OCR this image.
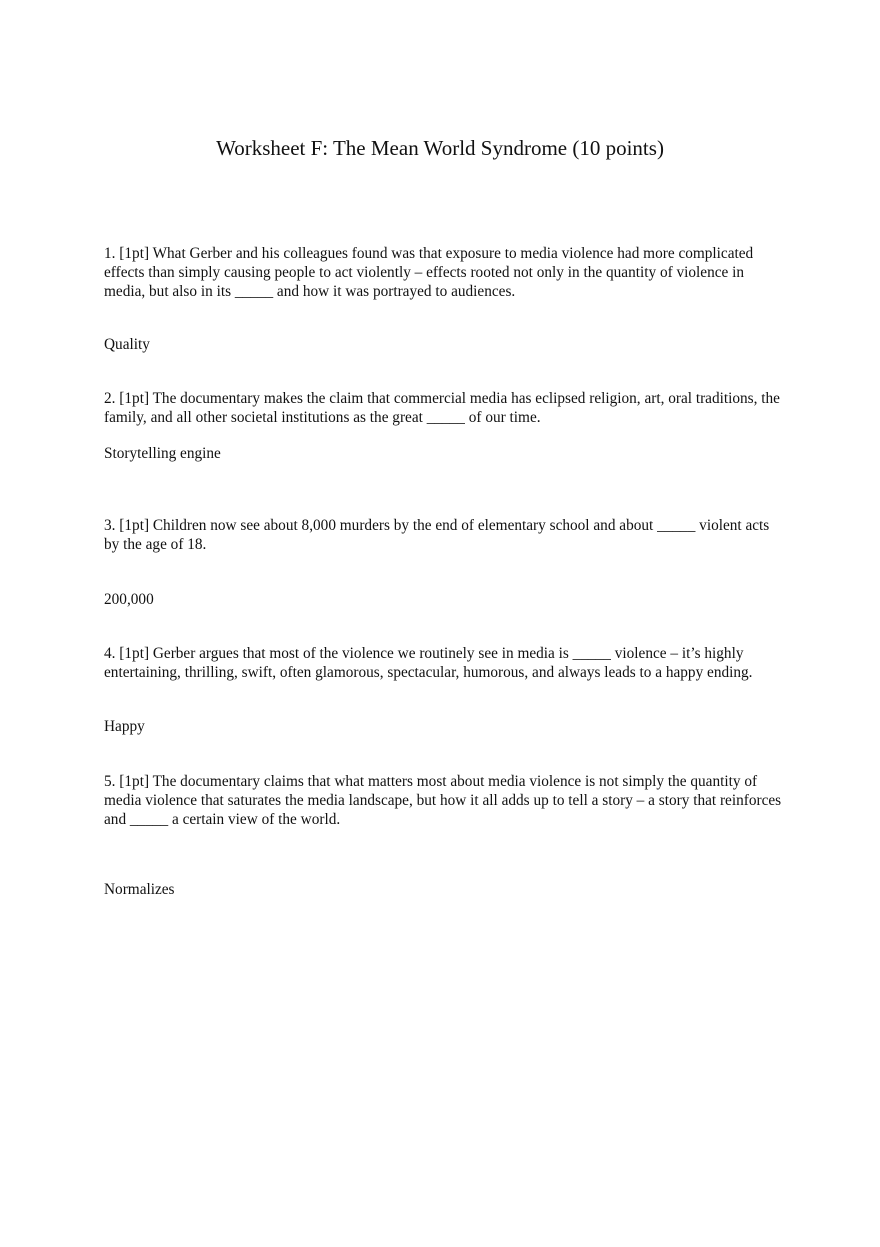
Worksheet F: The Mean World Syndrome (10 points)

1. [1pt] What Gerber and his colleagues found was that exposure to media violence had more complicated effects than simply causing people to act violently – effects rooted not only in the quantity of violence in media, but also in its _____ and how it was portrayed to audiences.

Quality

2. [1pt] The documentary makes the claim that commercial media has eclipsed religion, art, oral traditions, the family, and all other societal institutions as the great _____ of our time.

Storytelling engine

3. [1pt] Children now see about 8,000 murders by the end of elementary school and about _____ violent acts by the age of 18.

200,000

4. [1pt] Gerber argues that most of the violence we routinely see in media is _____ violence – it’s highly entertaining, thrilling, swift, often glamorous, spectacular, humorous, and always leads to a happy ending.

Happy

5. [1pt] The documentary claims that what matters most about media violence is not simply the quantity of media violence that saturates the media landscape, but how it all adds up to tell a story – a story that reinforces and _____ a certain view of the world.

Normalizes
